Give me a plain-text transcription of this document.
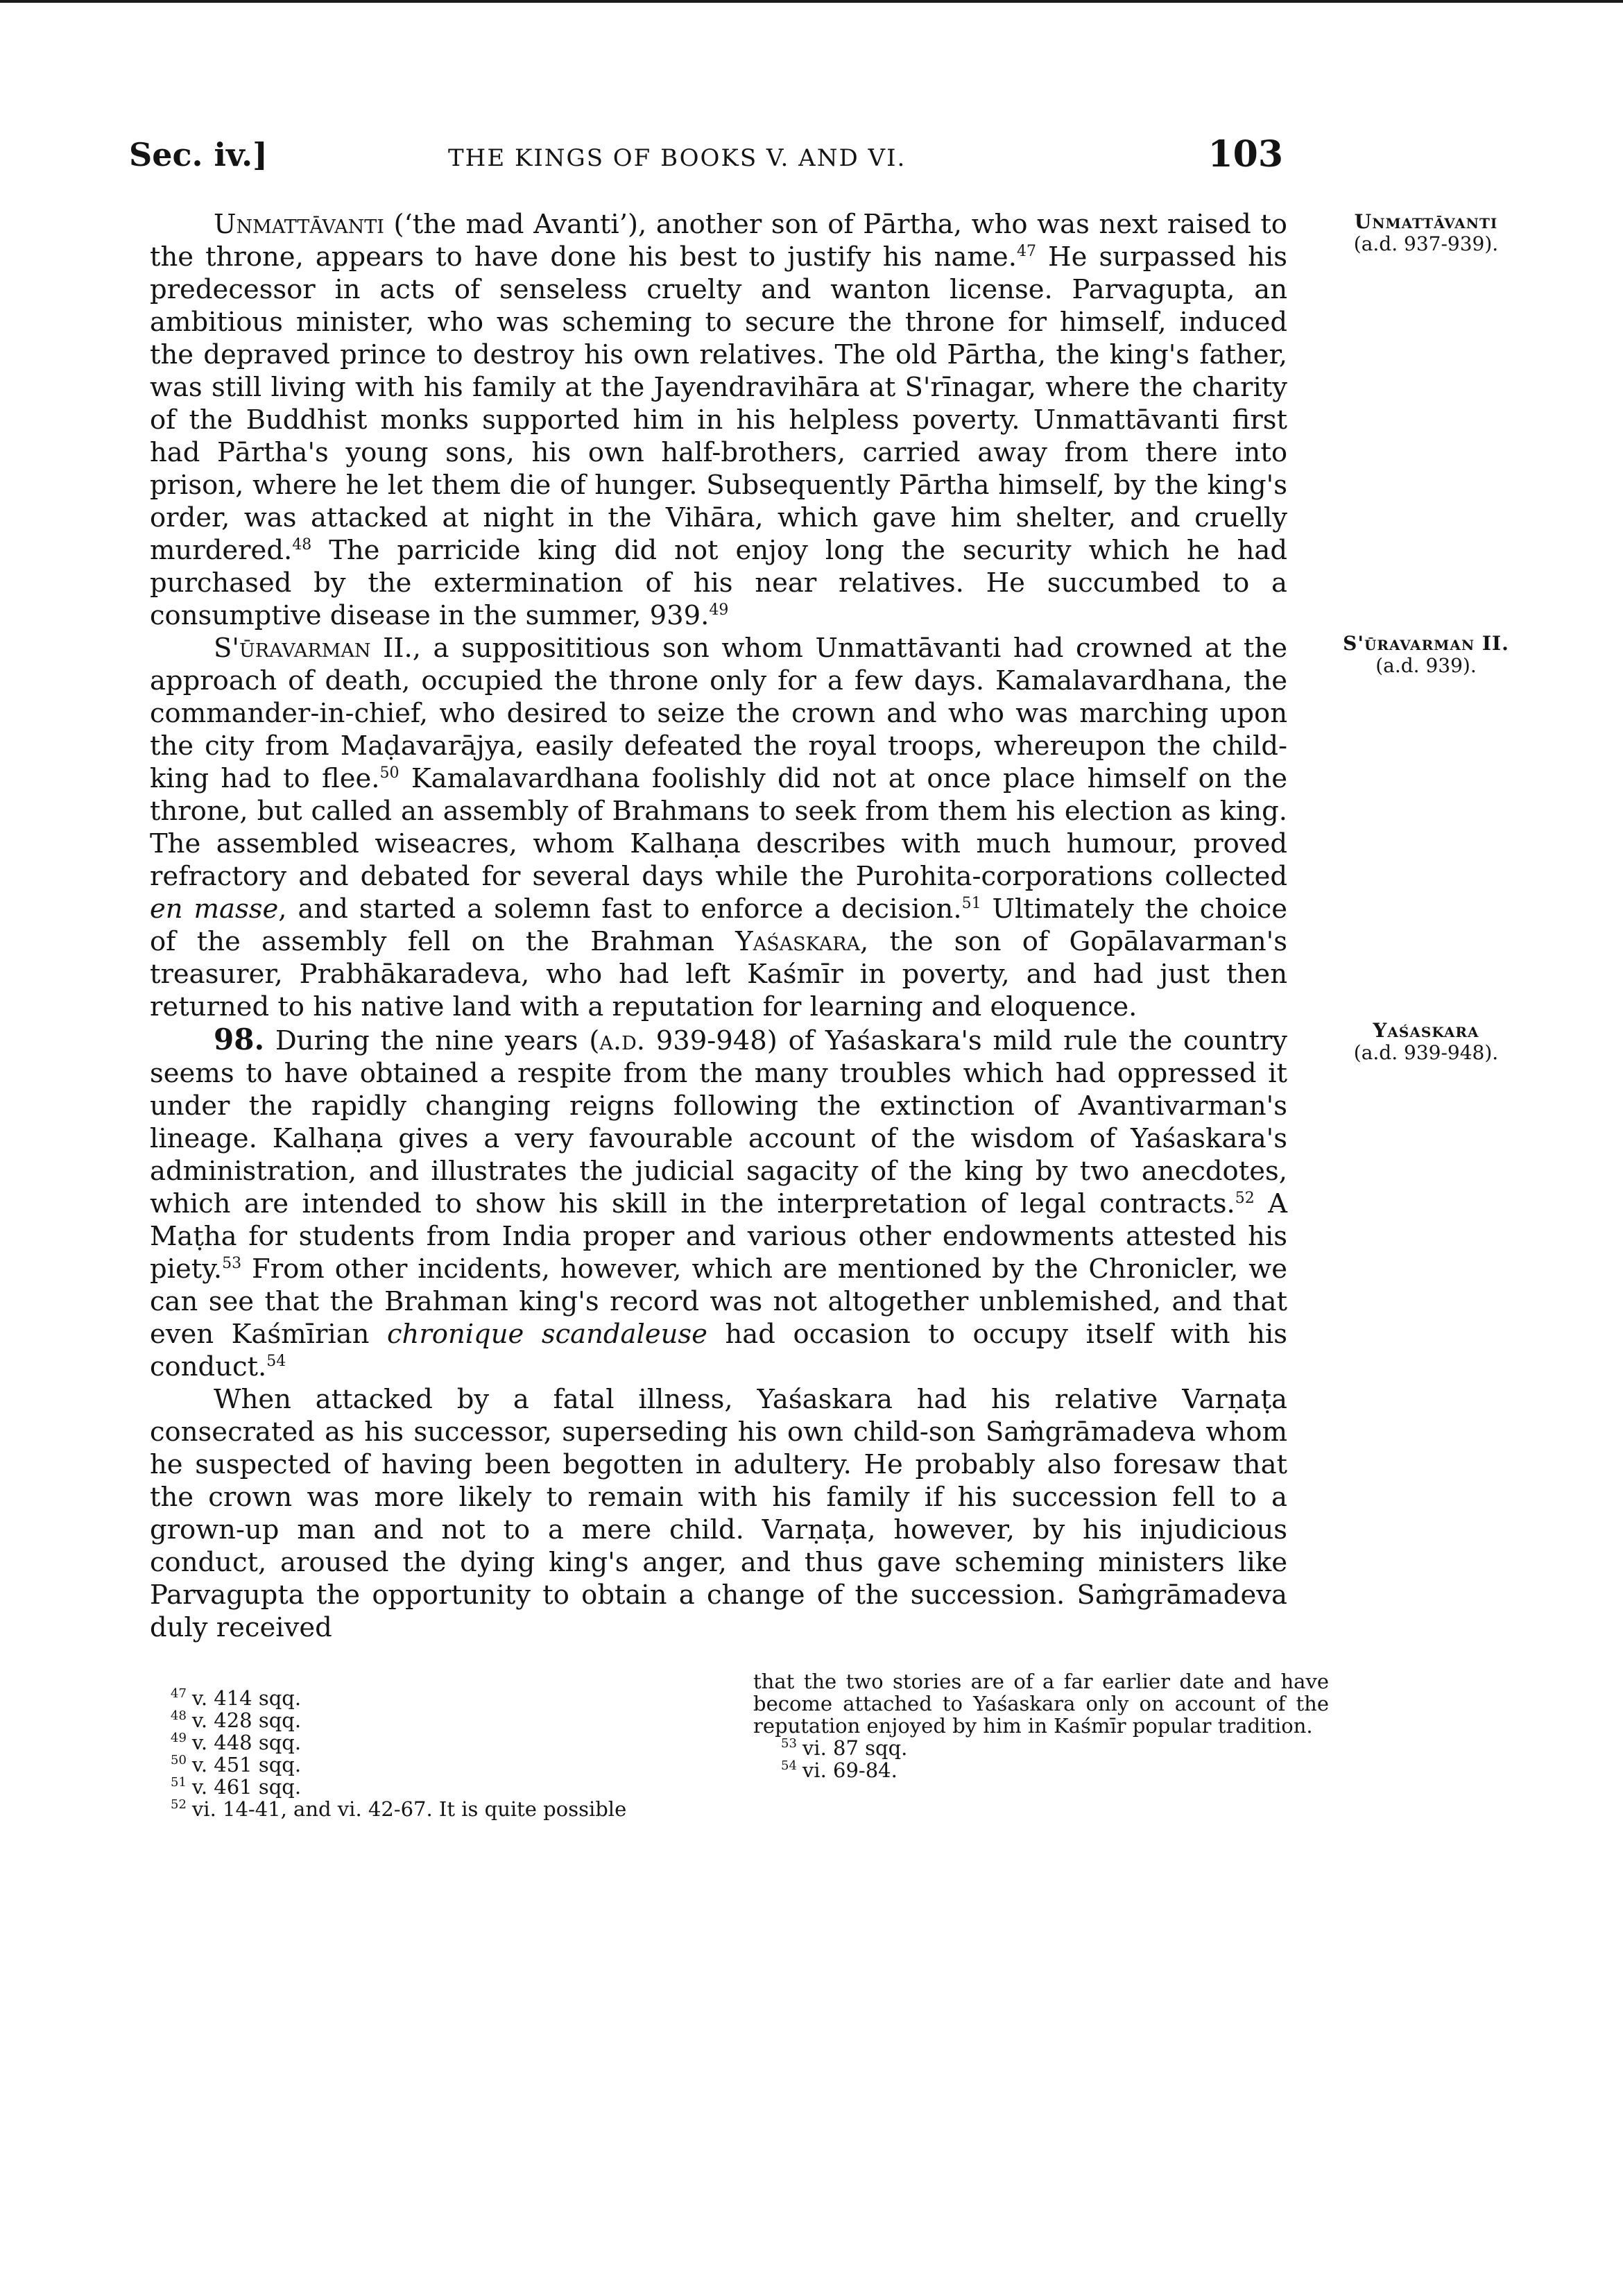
Sec. iv.]	THE KINGS OF BOOKS V. AND VI.	103
Unmattāvanti
(a.d. 937-939).
S'ūravarman II.
(a.d. 939).
Yaśaskara
(a.d. 939-948).

Unmattāvanti (‘the mad Avanti’), another son of Pārtha, who was next raised to the throne, appears to have done his best to justify his name.$^{47}$ He surpassed his predecessor in acts of senseless cruelty and wanton license. Parvagupta, an ambitious minister, who was scheming to secure the throne for himself, induced the depraved prince to destroy his own relatives. The old Pārtha, the king's father, was still living with his family at the Jayendravihāra at S'rīnagar, where the charity of the Buddhist monks supported him in his helpless poverty. Unmattāvanti first had Pārtha's young sons, his own half-brothers, carried away from there into prison, where he let them die of hunger. Subsequently Pārtha himself, by the king's order, was attacked at night in the Vihāra, which gave him shelter, and cruelly murdered.$^{48}$ The parricide king did not enjoy long the security which he had purchased by the extermination of his near relatives. He succumbed to a consumptive disease in the summer, 939.49

S'ūravarman II., a supposititious son whom Unmattāvanti had crowned at the approach of death, occupied the throne only for a few days. Kamalavardhana, the commander-in-chief, who desired to seize the crown and who was marching upon the city from Maḍavarājya, easily defeated the royal troops, whereupon the child-king had to flee.$^{50}$ Kamalavardhana foolishly did not at once place himself on the throne, but called an assembly of Brahmans to seek from them his election as king. The assembled wiseacres, whom Kalhaṇa describes with much humour, proved refractory and debated for several days while the Purohita-corporations collected en masse, and started a solemn fast to enforce a decision.$^{51}$ Ultimately the choice of the assembly fell on the Brahman Yaśaskara, the son of Gopālavarman's treasurer, Prabhākaradeva, who had left Kaśmīr in poverty, and had just then returned to his native land with a reputation for learning and eloquence.

98. During the nine years (a.d. 939-948) of Yaśaskara's mild rule the country seems to have obtained a respite from the many troubles which had oppressed it under the rapidly changing reigns following the extinction of Avantivarman's lineage. Kalhaṇa gives a very favourable account of the wisdom of Yaśaskara's administration, and illustrates the judicial sagacity of the king by two anecdotes, which are intended to show his skill in the interpretation of legal contracts.$^{52}$ A Maṭha for students from India proper and various other endowments attested his piety.$^{53}$ From other incidents, however, which are mentioned by the Chronicler, we can see that the Brahman king's record was not altogether unblemished, and that even Kaśmīrian chronique scandaleuse had occasion to occupy itself with his conduct.$^{54}$

When attacked by a fatal illness, Yaśaskara had his relative Varṇaṭa consecrated as his successor, superseding his own child-son Saṁgrāmadeva whom he suspected of having been begotten in adultery. He probably also foresaw that the crown was more likely to remain with his family if his succession fell to a grown-up man and not to a mere child. Varṇaṭa, however, by his injudicious conduct, aroused the dying king's anger, and thus gave scheming ministers like Parvagupta the opportunity to obtain a change of the succession. Saṁgrāmadeva duly received

$^{47}$ v. 414 sqq.

$^{48}$ v. 428 sqq.

$^{49}$ v. 448 sqq.

$^{50}$ v. 451 sqq.

$^{51}$ v. 461 sqq.

$^{52}$ vi. 14-41, and vi. 42-67. It is quite possible

that the two stories are of a far earlier date and have become attached to Yaśaskara only on account of the reputation enjoyed by him in Kaśmīr popular tradition.

$^{53}$ vi. 87 sqq.

$^{54}$ vi. 69-84.
